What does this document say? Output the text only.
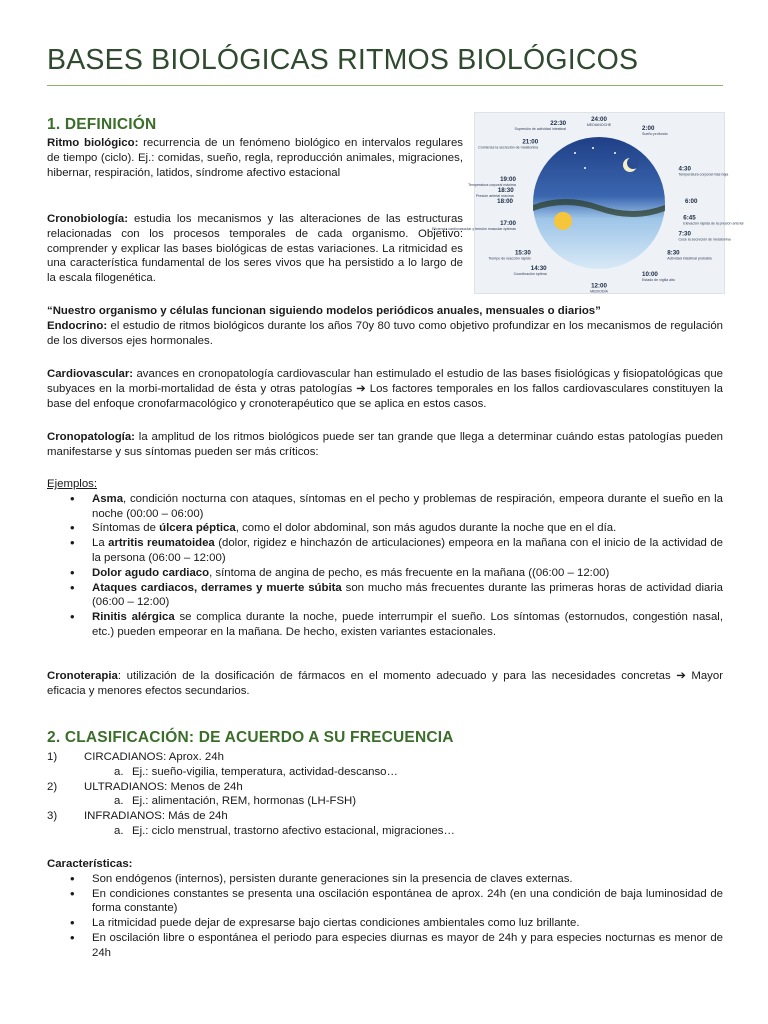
BASES BIOLÓGICAS RITMOS BIOLÓGICOS
1. DEFINICIÓN

Ritmo biológico: recurrencia de un fenómeno biológico en intervalos regulares de tiempo (ciclo). Ej.: comidas, sueño, regla, reproducción animales, migraciones, hibernar, respiración, latidos, síndrome afectivo estacional

Cronobiología: estudia los mecanismos y las alteraciones de las estructuras relacionadas con los procesos temporales de cada organismo. Objetivo: comprender y explicar las bases biológicas de estas variaciones. La ritmicidad es una característica fundamental de los seres vivos que ha persistido a lo largo de la escala filogenética.

22:30
Supresión de actividad intestinal
24:00
MEDIANOCHE	2:00
Sueño profundo
4:30
Temperatura corporal más baja
6:00
6:45
Elevación rápida de la presión arterial
7:30
Cese la secreción de melatonina
8:30
Actividad intestinal probable
10:00
Estado de vigilia alto
12:00
MEDIODÍA
14:30
Coordinación óptima
15:30
Tiempo de reacción rápido
17:00
Eficiencia cardiovascular y tensión muscular óptimas
18:00
18:30
Presión arterial máxima
19:00
Temperatura corporal máxima
21:00
Comienza la secreción de melatonina

“Nuestro organismo y células funcionan siguiendo modelos periódicos anuales, mensuales o diarios”

Endocrino: el estudio de ritmos biológicos durante los años 70y 80 tuvo como objetivo profundizar en los mecanismos de regulación de los diversos ejes hormonales.

Cardiovascular: avances en cronopatología cardiovascular han estimulado el estudio de las bases fisiológicas y fisiopatológicas que subyaces en la morbi-mortalidad de ésta y otras patologías ➔ Los factores temporales en los fallos cardiovasculares constituyen la base del enfoque cronofarmacológico y cronoterapéutico que se aplica en estos casos.

Cronopatología: la amplitud de los ritmos biológicos puede ser tan grande que llega a determinar cuándo estas patologías pueden manifestarse y sus síntomas pueden ser más críticos:

Ejemplos:

• Asma, condición nocturna con ataques, síntomas en el pecho y problemas de respiración, empeora durante el sueño en la noche (00:00 – 06:00)
• Síntomas de úlcera péptica, como el dolor abdominal, son más agudos durante la noche que en el día.
• La artritis reumatoidea (dolor, rigidez e hinchazón de articulaciones) empeora en la mañana con el inicio de la actividad de la persona (06:00 – 12:00)
• Dolor agudo cardiaco, síntoma de angina de pecho, es más frecuente en la mañana ((06:00 – 12:00)
• Ataques cardiacos, derrames y muerte súbita son mucho más frecuentes durante las primeras horas de actividad diaria (06:00 – 12:00)
• Rinitis alérgica se complica durante la noche, puede interrumpir el sueño. Los síntomas (estornudos, congestión nasal, etc.) pueden empeorar en la mañana. De hecho, existen variantes estacionales.

Cronoterapia: utilización de la dosificación de fármacos en el momento adecuado y para las necesidades concretas ➔ Mayor eficacia y menores efectos secundarios.

2. CLASIFICACIÓN: DE ACUERDO A SU FRECUENCIA
1) CIRCADIANOS: Aprox. 24h
a. Ej.: sueño-vigilia, temperatura, actividad-descanso…
2) ULTRADIANOS: Menos de 24h
a. Ej.: alimentación, REM, hormonas (LH-FSH)
3) INFRADIANOS: Más de 24h
a. Ej.: ciclo menstrual, trastorno afectivo estacional, migraciones…

Características:

• Son endógenos (internos), persisten durante generaciones sin la presencia de claves externas.
• En condiciones constantes se presenta una oscilación espontánea de aprox. 24h (en una condición de baja luminosidad de forma constante)
• La ritmicidad puede dejar de expresarse bajo ciertas condiciones ambientales como luz brillante.
• En oscilación libre o espontánea el periodo para especies diurnas es mayor de 24h y para especies nocturnas es menor de 24h
